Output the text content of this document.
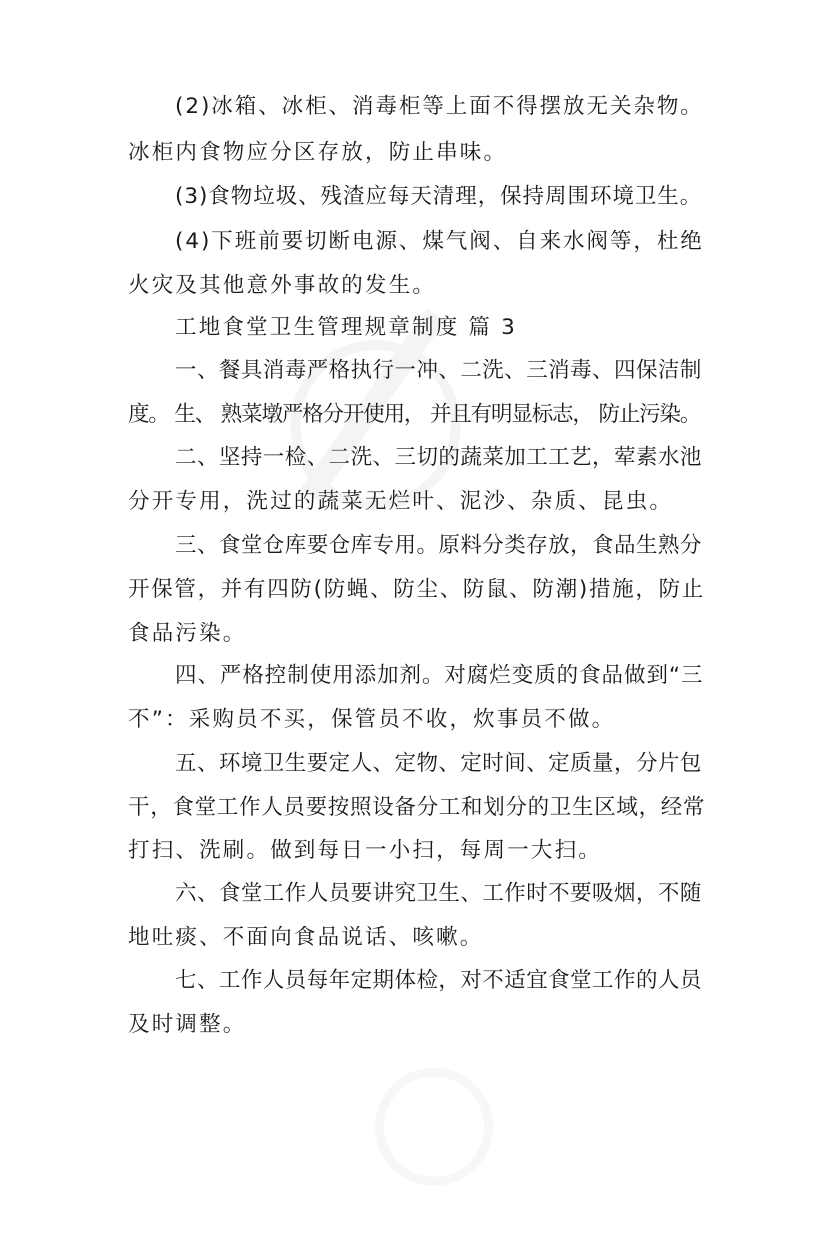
(2)冰箱、冰柜、消毒柜等上面不得摆放无关杂物。
冰柜内食物应分区存放，防止串味。
(3)食物垃圾、残渣应每天清理，保持周围环境卫生。
(4)下班前要切断电源、煤气阀、自来水阀等，杜绝
火灾及其他意外事故的发生。
工地食堂卫生管理规章制度 篇 3
一、餐具消毒严格执行一冲、二洗、三消毒、四保洁制
度。 生、 熟菜墩严格分开使用， 并且有明显标志， 防止污染。
二、坚持一检、二洗、三切的蔬菜加工工艺，荤素水池
分开专用，洗过的蔬菜无烂叶、泥沙、杂质、昆虫。
三、食堂仓库要仓库专用。原料分类存放，食品生熟分
开保管，并有四防(防蝇、防尘、防鼠、防潮)措施，防止
食品污染。
四、严格控制使用添加剂。对腐烂变质的食品做到“三
不”：采购员不买，保管员不收，炊事员不做。
五、环境卫生要定人、定物、定时间、定质量，分片包
干，食堂工作人员要按照设备分工和划分的卫生区域，经常
打扫、洗刷。做到每日一小扫，每周一大扫。
六、食堂工作人员要讲究卫生、工作时不要吸烟，不随
地吐痰、不面向食品说话、咳嗽。
七、工作人员每年定期体检，对不适宜食堂工作的人员
及时调整。
